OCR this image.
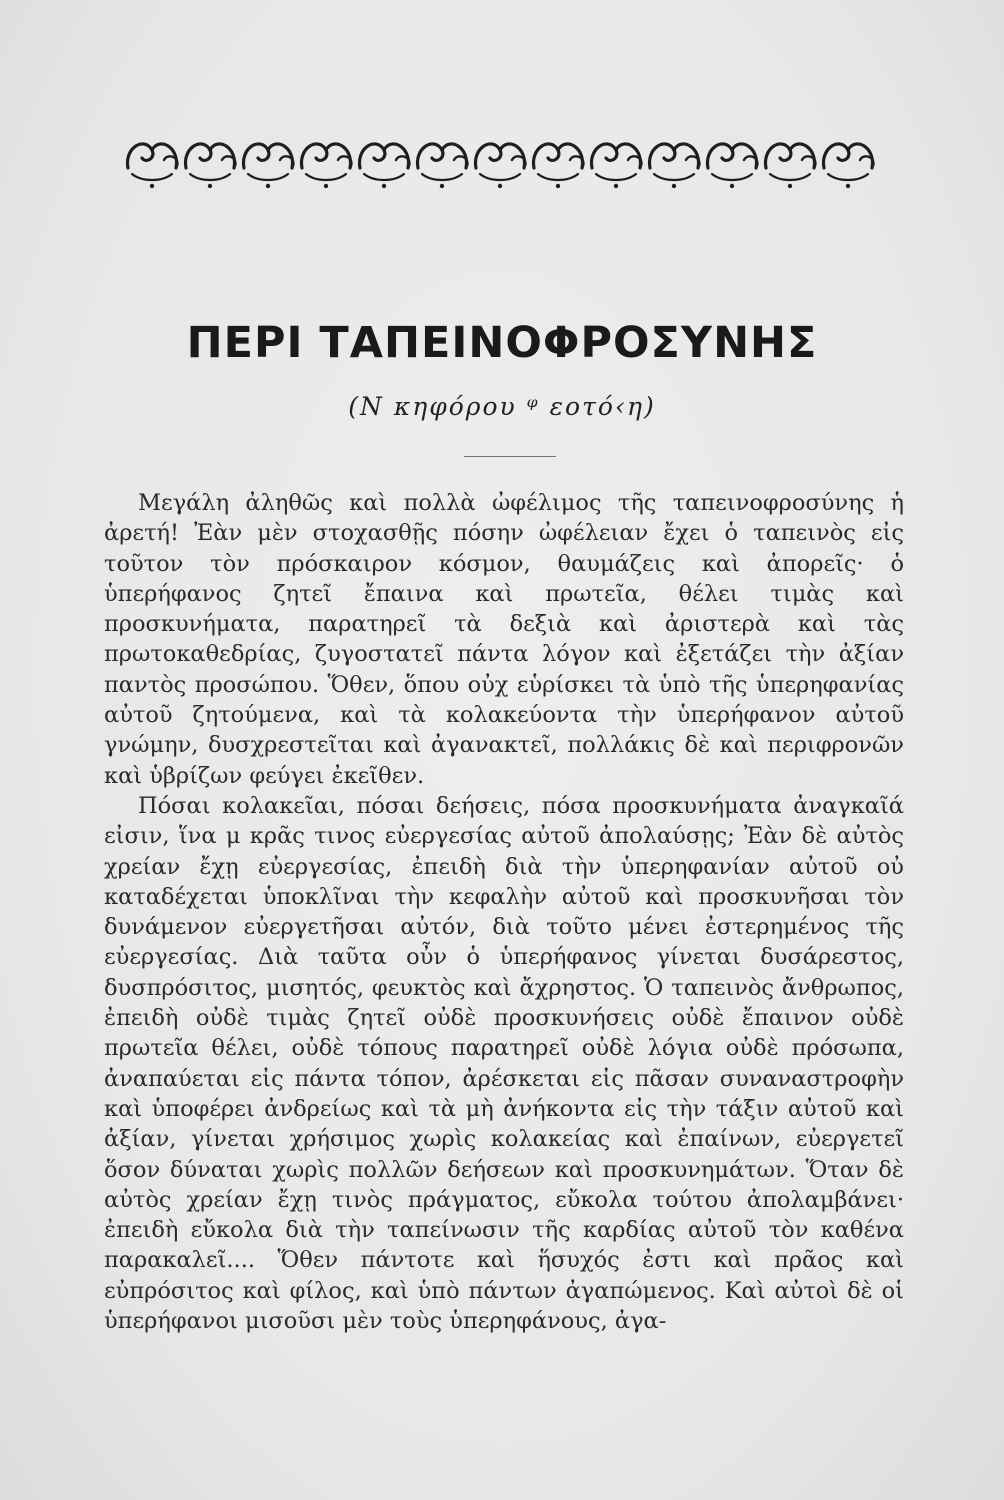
ΠΕΡΙ ΤΑΠΕΙΝΟΦΡΟΣΥΝΗΣ
(Ν κηφόρου ᵠ εοτό‹η)

Μεγάλη ἀληθῶς καὶ πολλὰ ὠφέλιμος τῆς ταπεινοφροσύνης ἡ ἀρετή! Ἐὰν μὲν στοχασθῇς πόσην ὠφέλειαν ἔχει ὁ ταπεινὸς εἰς τοῦτον τὸν πρόσκαιρον κόσμον, θαυμάζεις καὶ ἀπορεῖς· ὁ ὑπερήφανος ζητεῖ ἔπαινα καὶ πρωτεῖα, θέλει τιμὰς καὶ προσκυνήματα, παρατηρεῖ τὰ δεξιὰ καὶ ἀριστερὰ καὶ τὰς πρωτοκαθεδρίας, ζυγοστατεῖ πάντα λόγον καὶ ἐξετάζει τὴν ἀξίαν παντὸς προσώπου. Ὅθεν, ὅπου οὐχ εὑρίσκει τὰ ὑπὸ τῆς ὑπερηφανίας αὐτοῦ ζητούμενα, καὶ τὰ κολακεύοντα τὴν ὑπερήφανον αὐτοῦ γνώμην, δυσχρεστεῖται καὶ ἀγανακτεῖ, πολλάκις δὲ καὶ περιφρονῶν καὶ ὑβρίζων φεύγει ἐκεῖθεν.

Πόσαι κολακεῖαι, πόσαι δεήσεις, πόσα προσκυνήματα ἀναγκαῖά εἰσιν, ἵνα μ κρᾶς τινος εὐεργεσίας αὐτοῦ ἀπολαύσῃς; Ἐὰν δὲ αὐτὸς χρείαν ἔχῃ εὐεργεσίας, ἐπειδὴ διὰ τὴν ὑπερηφανίαν αὐτοῦ οὐ καταδέχεται ὑποκλῖναι τὴν κεφαλὴν αὐτοῦ καὶ προσκυνῆσαι τὸν δυνάμενον εὐεργετῆσαι αὐτόν, διὰ τοῦτο μένει ἐστερημένος τῆς εὐεργεσίας. Διὰ ταῦτα οὖν ὁ ὑπερήφανος γίνεται δυσάρεστος, δυσπρόσιτος, μισητός, φευκτὸς καὶ ἄχρηστος. Ὁ ταπεινὸς ἄνθρωπος, ἐπειδὴ οὐδὲ τιμὰς ζητεῖ οὐδὲ προσκυνήσεις οὐδὲ ἔπαινον οὐδὲ πρωτεῖα θέλει, οὐδὲ τόπους παρατηρεῖ οὐδὲ λόγια οὐδὲ πρόσωπα, ἀναπαύεται εἰς πάντα τόπον, ἀρέσκεται εἰς πᾶσαν συναναστροφὴν καὶ ὑποφέρει ἀνδρείως καὶ τὰ μὴ ἀνήκοντα εἰς τὴν τάξιν αὐτοῦ καὶ ἀξίαν, γίνεται χρήσιμος χωρὶς κολακείας καὶ ἐπαίνων, εὐεργετεῖ ὅσον δύναται χωρὶς πολλῶν δεήσεων καὶ προσκυνημάτων. Ὅταν δὲ αὐτὸς χρείαν ἔχῃ τινὸς πράγματος, εὔκολα τούτου ἀπολαμβάνει· ἐπειδὴ εὔκολα διὰ τὴν ταπείνωσιν τῆς καρδίας αὐτοῦ τὸν καθένα παρακαλεῖ.... Ὅθεν πάντοτε καὶ ἥσυχός ἐστι καὶ πρᾶος καὶ εὐπρόσιτος καὶ φίλος, καὶ ὑπὸ πάντων ἀγαπώμενος. Καὶ αὐτοὶ δὲ οἱ ὑπερήφανοι μισοῦσι μὲν τοὺς ὑπερηφάνους, ἀγα-
